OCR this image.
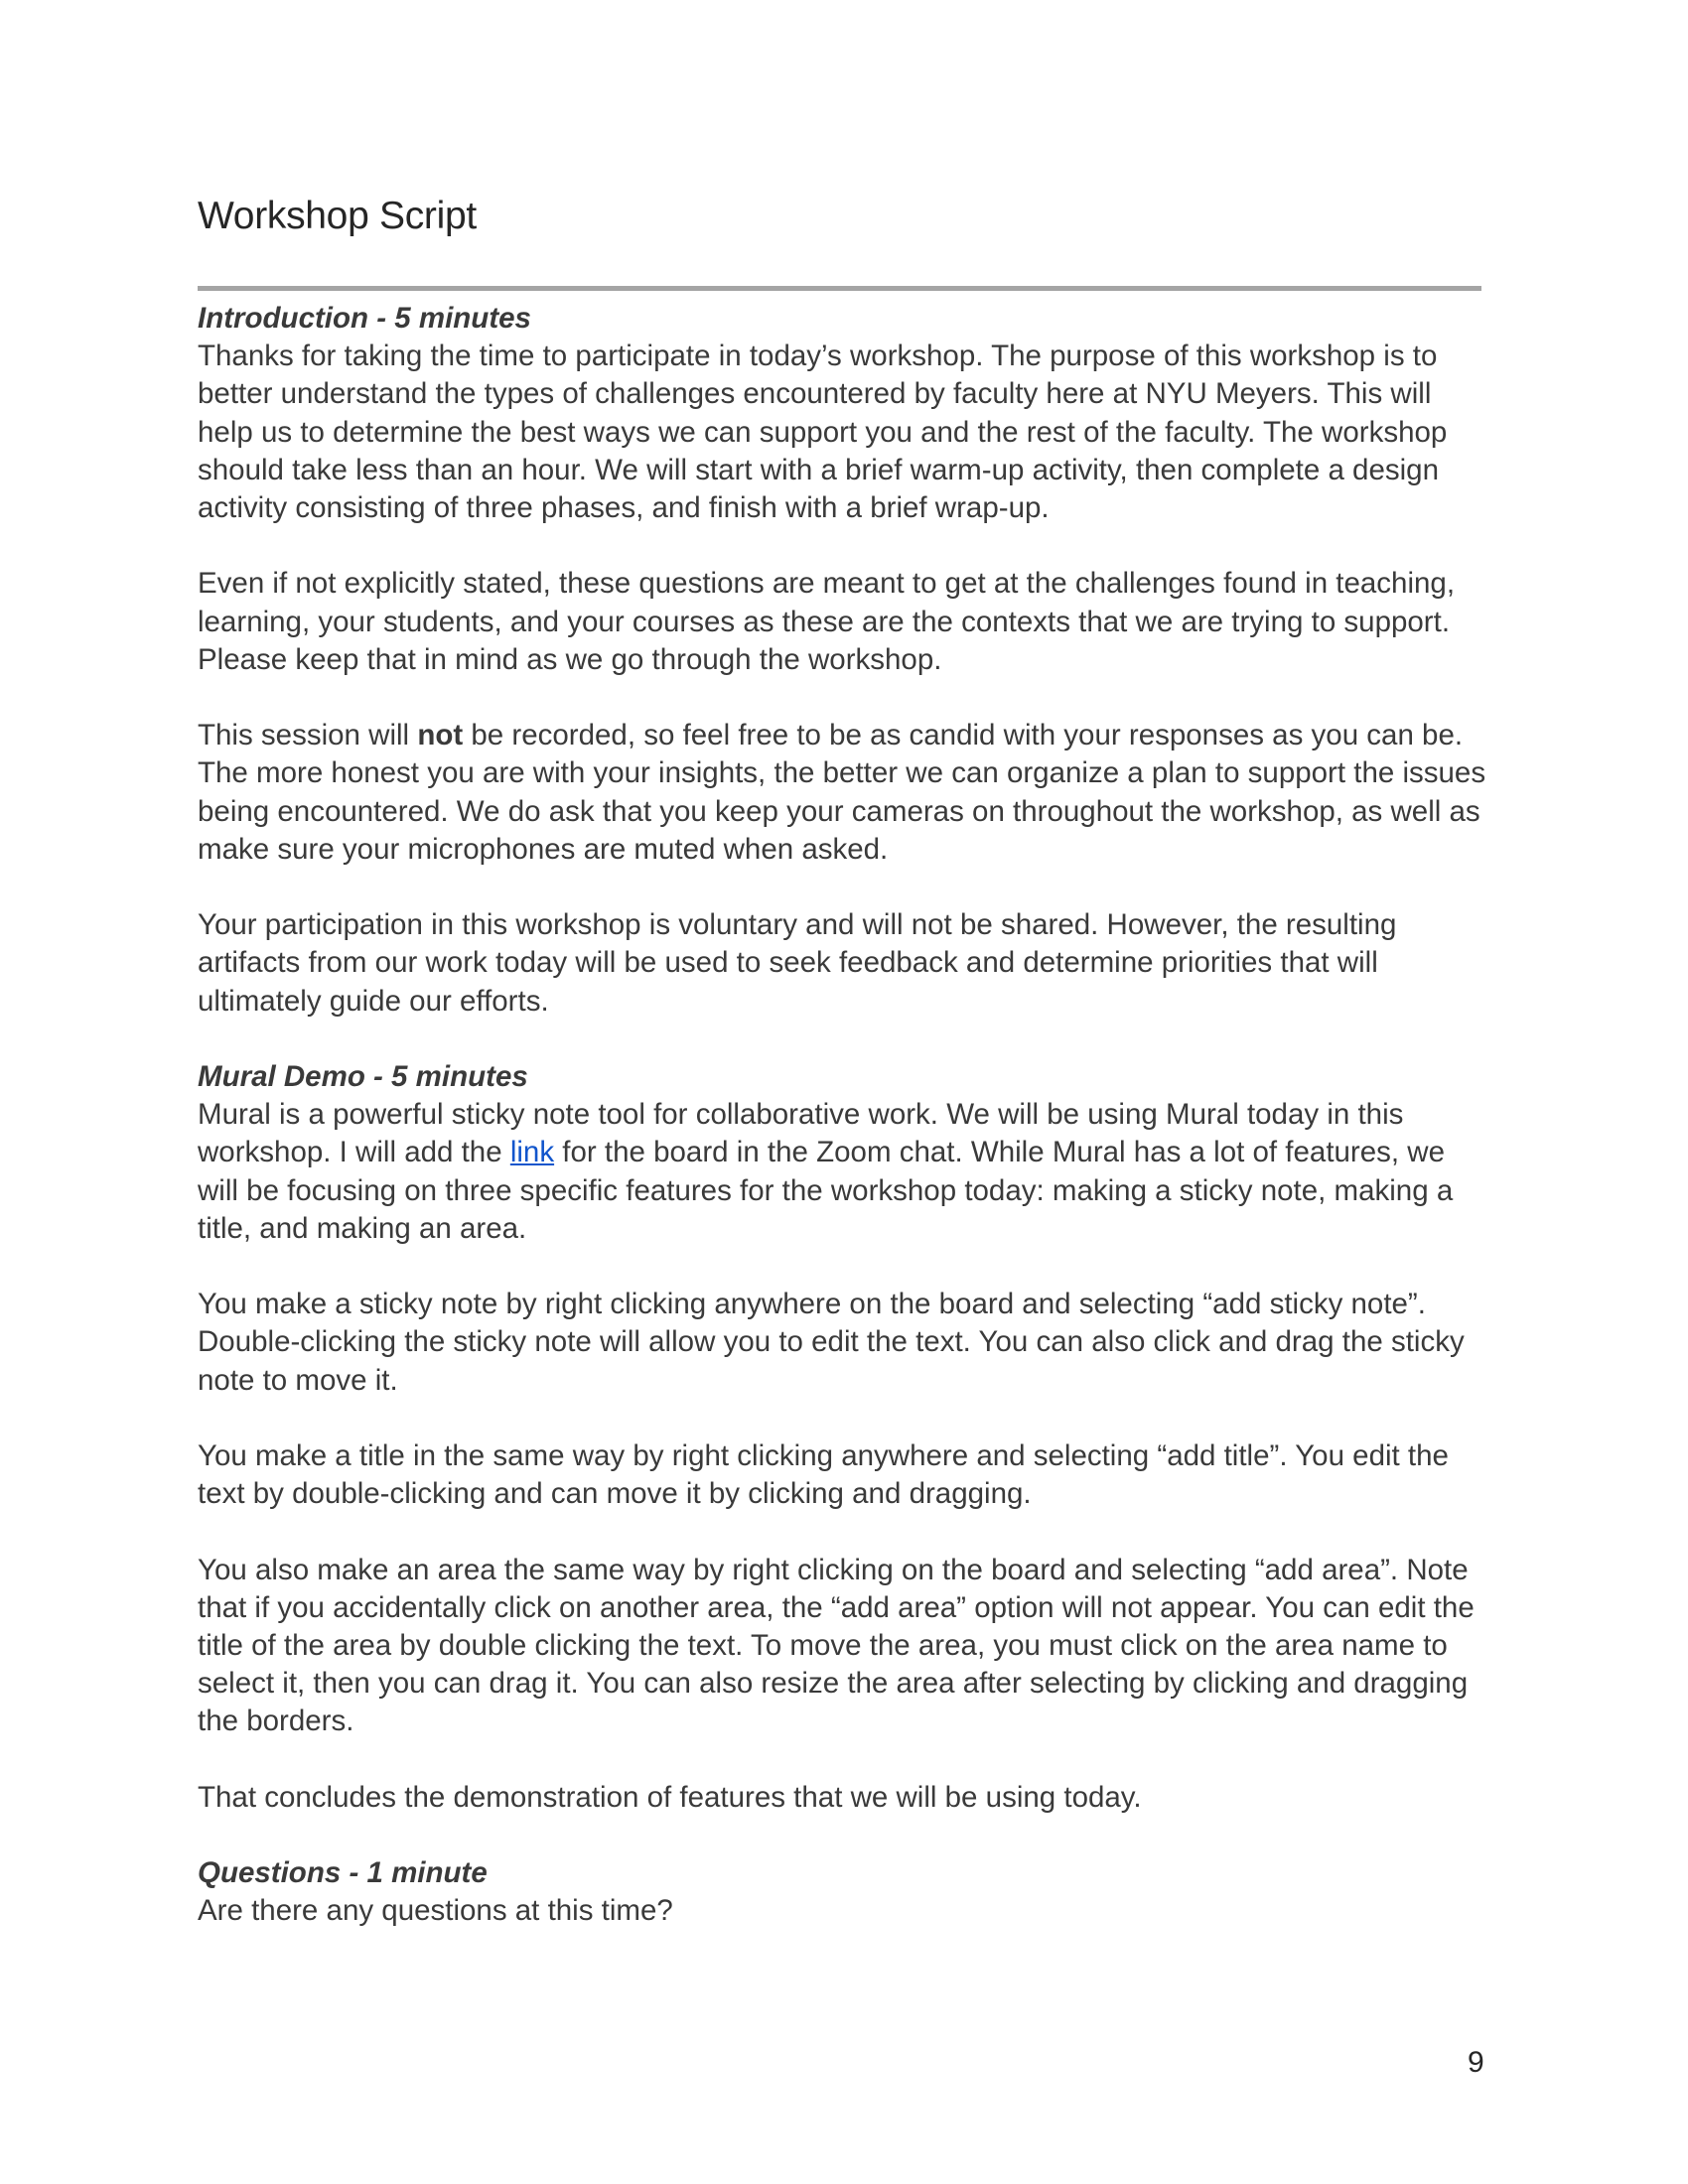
Workshop Script
Introduction - 5 minutes

Thanks for taking the time to participate in today’s workshop. The purpose of this workshop is to better understand the types of challenges encountered by faculty here at NYU Meyers. This will help us to determine the best ways we can support you and the rest of the faculty. The workshop should take less than an hour. We will start with a brief warm-up activity, then complete a design activity consisting of three phases, and finish with a brief wrap-up.

Even if not explicitly stated, these questions are meant to get at the challenges found in teaching, learning, your students, and your courses as these are the contexts that we are trying to support. Please keep that in mind as we go through the workshop.

This session will not be recorded, so feel free to be as candid with your responses as you can be. The more honest you are with your insights, the better we can organize a plan to support the issues being encountered. We do ask that you keep your cameras on throughout the workshop, as well as make sure your microphones are muted when asked.

Your participation in this workshop is voluntary and will not be shared. However, the resulting artifacts from our work today will be used to seek feedback and determine priorities that will ultimately guide our efforts.

Mural Demo - 5 minutes

Mural is a powerful sticky note tool for collaborative work. We will be using Mural today in this workshop. I will add the link for the board in the Zoom chat. While Mural has a lot of features, we will be focusing on three specific features for the workshop today: making a sticky note, making a title, and making an area.

You make a sticky note by right clicking anywhere on the board and selecting “add sticky note”. Double-clicking the sticky note will allow you to edit the text. You can also click and drag the sticky note to move it.

You make a title in the same way by right clicking anywhere and selecting “add title”. You edit the text by double-clicking and can move it by clicking and dragging.

You also make an area the same way by right clicking on the board and selecting “add area”. Note that if you accidentally click on another area, the “add area” option will not appear. You can edit the title of the area by double clicking the text. To move the area, you must click on the area name to select it, then you can drag it. You can also resize the area after selecting by clicking and dragging the borders.

That concludes the demonstration of features that we will be using today.

Questions - 1 minute

Are there any questions at this time?

9
